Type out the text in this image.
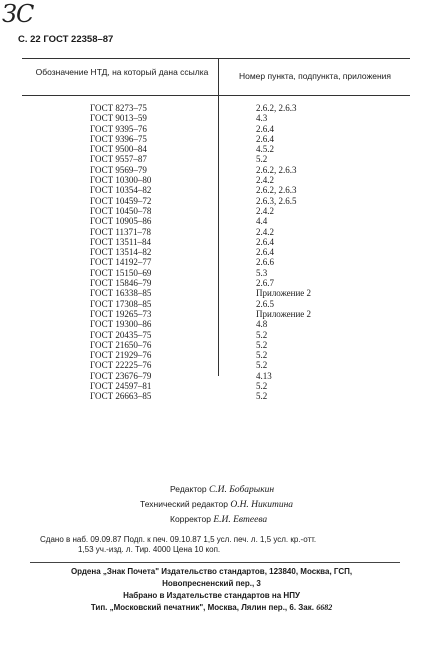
ЗС
С. 22 ГОСТ 22358–87
Обозначение НТД, на который дана ссылка	Номер пункта, подпункта, приложения
ГОСТ 8273–75	2.6.2, 2.6.3
ГОСТ 9013–59	4.3
ГОСТ 9395–76	2.6.4
ГОСТ 9396–75	2.6.4
ГОСТ 9500–84	4.5.2
ГОСТ 9557–87	5.2
ГОСТ 9569–79	2.6.2, 2.6.3
ГОСТ 10300–80	2.4.2
ГОСТ 10354–82	2.6.2, 2.6.3
ГОСТ 10459–72	2.6.3, 2.6.5
ГОСТ 10450–78	2.4.2
ГОСТ 10905–86	4.4
ГОСТ 11371–78	2.4.2
ГОСТ 13511–84	2.6.4
ГОСТ 13514–82	2.6.4
ГОСТ 14192–77	2.6.6
ГОСТ 15150–69	5.3
ГОСТ 15846–79	2.6.7
ГОСТ 16338–85	Приложение 2
ГОСТ 17308–85	2.6.5
ГОСТ 19265–73	Приложение 2
ГОСТ 19300–86	4.8
ГОСТ 20435–75	5.2
ГОСТ 21650–76	5.2
ГОСТ 21929–76	5.2
ГОСТ 22225–76	5.2
ГОСТ 23676–79	4.13
ГОСТ 24597–81	5.2
ГОСТ 26663–85	5.2
Редактор С.И. Бобарыкин
Технический редактор О.Н. Никитина
Корректор Е.И. Евтеева
Сдано в наб. 09.09.87 Подп. к печ. 09.10.87 1,5 усл. печ. л. 1,5 усл. кр.-отт.
1,53 уч.-изд. л. Тир. 4000 Цена 10 коп.
Ордена „Знак Почета" Издательство стандартов, 123840, Москва, ГСП,
Новопресненский пер., 3
Набрано в Издательстве стандартов на НПУ
Тип. „Московский печатник", Москва, Лялин пер., 6. Зак. 6682
